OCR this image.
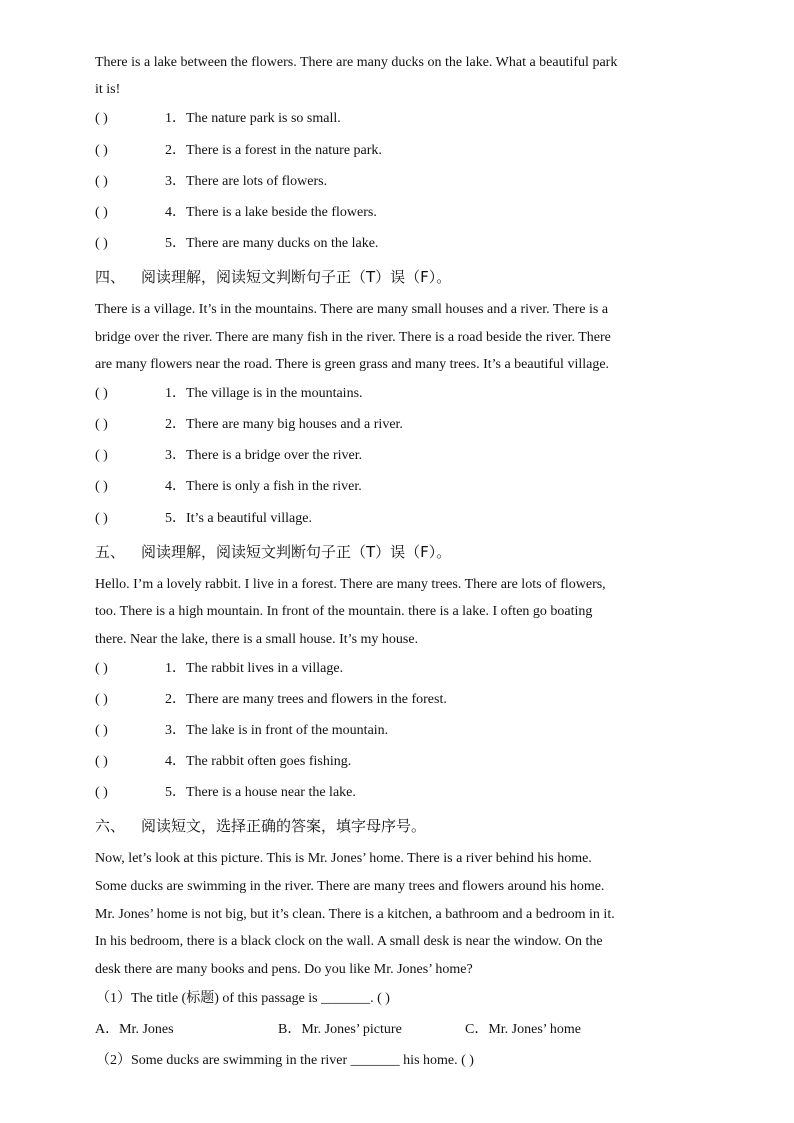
There is a lake between the flowers. There are many ducks on the lake. What a beautiful park
it is!
( )	1．The nature park is so small.
( )	2．There is a forest in the nature park.
( )	3．There are lots of flowers.
( )	4．There is a lake beside the flowers.
( )	5．There are many ducks on the lake.
四、 阅读理解，阅读短文判断句子正（T）误（F）。
There is a village. It’s in the mountains. There are many small houses and a river. There is a
bridge over the river. There are many fish in the river. There is a road beside the river. There
are many flowers near the road. There is green grass and many trees. It’s a beautiful village.
( )	1．The village is in the mountains.
( )	2．There are many big houses and a river.
( )	3．There is a bridge over the river.
( )	4．There is only a fish in the river.
( )	5．It’s a beautiful village.
五、 阅读理解，阅读短文判断句子正（T）误（F）。
Hello. I’m a lovely rabbit. I live in a forest. There are many trees. There are lots of flowers,
too. There is a high mountain. In front of the mountain. there is a lake. I often go boating
there. Near the lake, there is a small house. It’s my house.
( )	1．The rabbit lives in a village.
( )	2．There are many trees and flowers in the forest.
( )	3．The lake is in front of the mountain.
( )	4．The rabbit often goes fishing.
( )	5．There is a house near the lake.
六、 阅读短文，选择正确的答案，填字母序号。
Now, let’s look at this picture. This is Mr. Jones’ home. There is a river behind his home.
Some ducks are swimming in the river. There are many trees and flowers around his home.
Mr. Jones’ home is not big, but it’s clean. There is a kitchen, a bathroom and a bedroom in it.
In his bedroom, there is a black clock on the wall. A small desk is near the window. On the
desk there are many books and pens. Do you like Mr. Jones’ home?
（1）The title (标题) of this passage is _______. ( )
A．Mr. Jones	B．Mr. Jones’ picture	C．Mr. Jones’ home
（2）Some ducks are swimming in the river _______ his home. ( )
